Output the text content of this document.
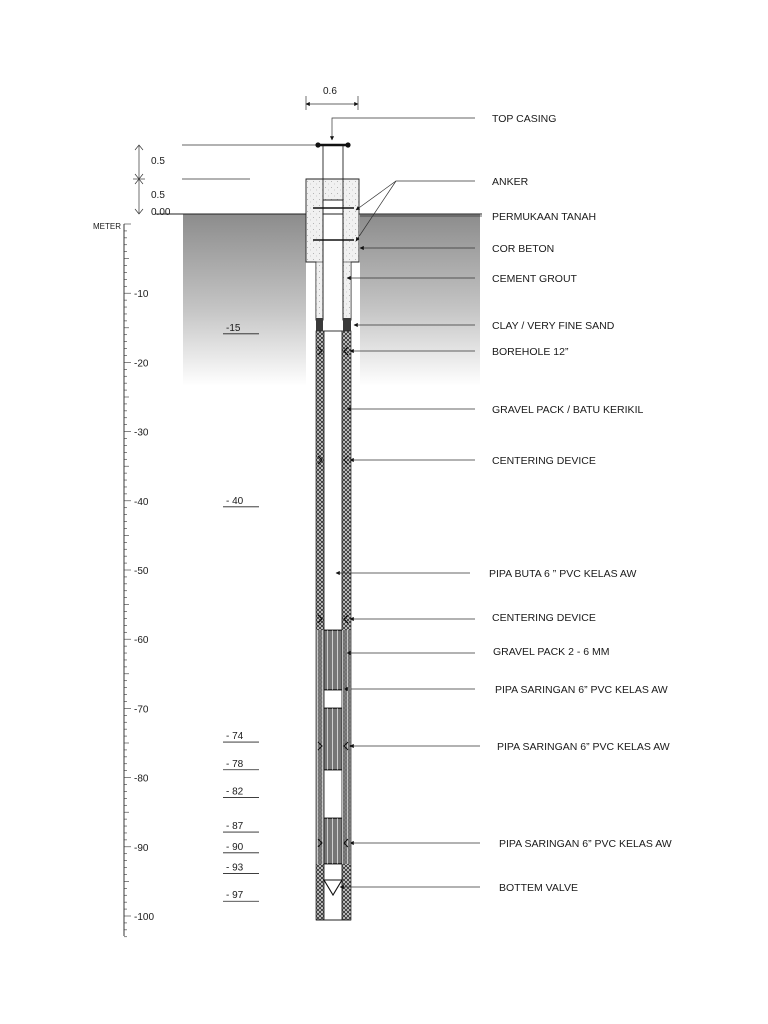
0.5
0.5
0.00
0.6
METER
-10
-20
-30
-40
-50
-60
-70
-80
-90
-100
-15
- 40
- 74
- 78
- 82
- 87
- 90
- 93
- 97
TOP CASING
ANKER
PERMUKAAN TANAH
COR BETON
CEMENT GROUT
CLAY / VERY FINE SAND
BOREHOLE 12”
GRAVEL PACK / BATU KERIKIL
CENTERING DEVICE
PIPA BUTA 6 ” PVC KELAS AW
CENTERING DEVICE
GRAVEL PACK 2 - 6 MM
PIPA SARINGAN 6” PVC KELAS AW
PIPA SARINGAN 6” PVC KELAS AW
PIPA SARINGAN 6” PVC KELAS AW
BOTTEM VALVE
